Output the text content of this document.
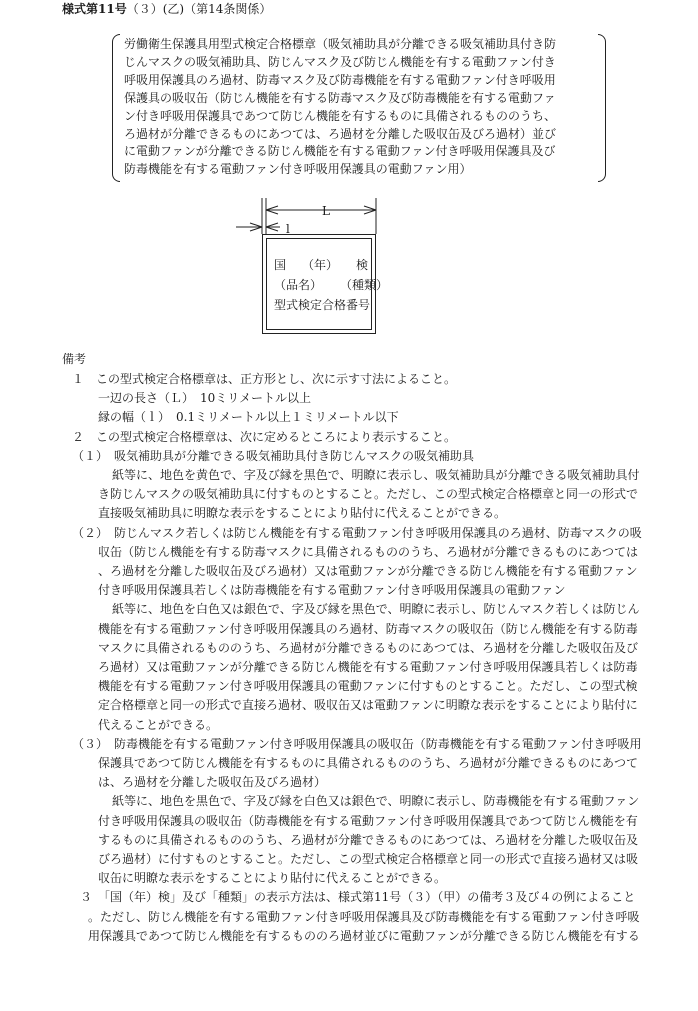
様式第11号（３）(乙)（第14条関係）
労働衛生保護具用型式検定合格標章（吸気補助具が分離できる吸気補助具付き防
じんマスクの吸気補助具、防じんマスク及び防じん機能を有する電動ファン付き
呼吸用保護具のろ過材、防毒マスク及び防毒機能を有する電動ファン付き呼吸用
保護具の吸収缶（防じん機能を有する防毒マスク及び防毒機能を有する電動ファ
ン付き呼吸用保護具であつて防じん機能を有するものに具備されるもののうち、
ろ過材が分離できるものにあつては、ろ過材を分離した吸収缶及びろ過材）並び
に電動ファンが分離できる防じん機能を有する電動ファン付き呼吸用保護具及び
防毒機能を有する電動ファン付き呼吸用保護具の電動ファン用）
L
l
国 （年） 検
（品名） （種類）
型式検定合格番号
備考
１　この型式検定合格標章は、正方形とし、次に示す寸法によること。
一辺の長さ（Ｌ）　10ミリメートル以上
縁の幅（ｌ）　0.1ミリメートル以上１ミリメートル以下
２　この型式検定合格標章は、次に定めるところにより表示すること。
（１）　吸気補助具が分離できる吸気補助具付き防じんマスクの吸気補助具
紙等に、地色を黄色で、字及び縁を黒色で、明瞭に表示し、吸気補助具が分離できる吸気補助具付
き防じんマスクの吸気補助具に付すものとすること。ただし、この型式検定合格標章と同一の形式で
直接吸気補助具に明瞭な表示をすることにより貼付に代えることができる。
（２）　防じんマスク若しくは防じん機能を有する電動ファン付き呼吸用保護具のろ過材、防毒マスクの吸
収缶（防じん機能を有する防毒マスクに具備されるもののうち、ろ過材が分離できるものにあつては
、ろ過材を分離した吸収缶及びろ過材）又は電動ファンが分離できる防じん機能を有する電動ファン
付き呼吸用保護具若しくは防毒機能を有する電動ファン付き呼吸用保護具の電動ファン
紙等に、地色を白色又は銀色で、字及び縁を黒色で、明瞭に表示し、防じんマスク若しくは防じん
機能を有する電動ファン付き呼吸用保護具のろ過材、防毒マスクの吸収缶（防じん機能を有する防毒
マスクに具備されるもののうち、ろ過材が分離できるものにあつては、ろ過材を分離した吸収缶及び
ろ過材）又は電動ファンが分離できる防じん機能を有する電動ファン付き呼吸用保護具若しくは防毒
機能を有する電動ファン付き呼吸用保護具の電動ファンに付すものとすること。ただし、この型式検
定合格標章と同一の形式で直接ろ過材、吸収缶又は電動ファンに明瞭な表示をすることにより貼付に
代えることができる。
（３）　防毒機能を有する電動ファン付き呼吸用保護具の吸収缶（防毒機能を有する電動ファン付き呼吸用
保護具であつて防じん機能を有するものに具備されるもののうち、ろ過材が分離できるものにあつて
は、ろ過材を分離した吸収缶及びろ過材）
紙等に、地色を黒色で、字及び縁を白色又は銀色で、明瞭に表示し、防毒機能を有する電動ファン
付き呼吸用保護具の吸収缶（防毒機能を有する電動ファン付き呼吸用保護具であつて防じん機能を有
するものに具備されるもののうち、ろ過材が分離できるものにあつては、ろ過材を分離した吸収缶及
びろ過材）に付すものとすること。ただし、この型式検定合格標章と同一の形式で直接ろ過材又は吸
収缶に明瞭な表示をすることにより貼付に代えることができる。
３　「国（年）検」及び「種類」の表示方法は、様式第11号（３）（甲）の備考３及び４の例によること
。ただし、防じん機能を有する電動ファン付き呼吸用保護具及び防毒機能を有する電動ファン付き呼吸
用保護具であつて防じん機能を有するもののろ過材並びに電動ファンが分離できる防じん機能を有する
